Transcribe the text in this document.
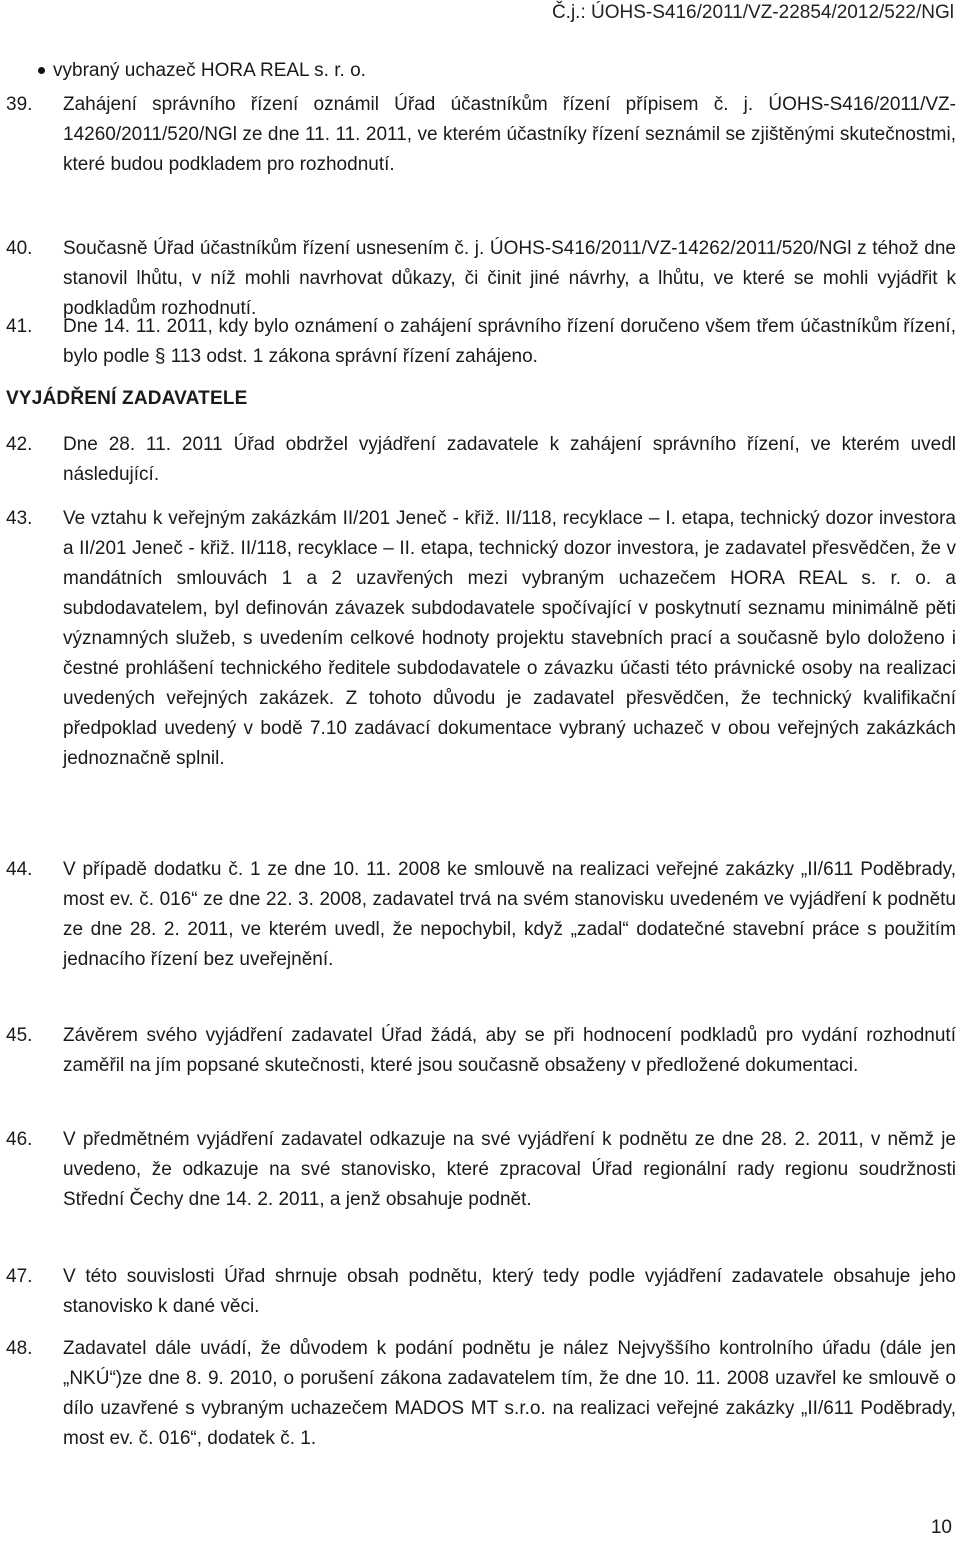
Č.j.: ÚOHS-S416/2011/VZ-22854/2012/522/NGl
vybraný uchazeč HORA REAL s. r. o.
39.	Zahájení správního řízení oznámil Úřad účastníkům řízení přípisem č. j. ÚOHS-S416/2011/VZ-14260/2011/520/NGl ze dne 11. 11. 2011, ve kterém účastníky řízení seznámil se zjištěnými skutečnostmi, které budou podkladem pro rozhodnutí.
40.	Současně Úřad účastníkům řízení usnesením č. j. ÚOHS-S416/2011/VZ-14262/2011/520/NGl z téhož dne stanovil lhůtu, v níž mohli navrhovat důkazy, či činit jiné návrhy, a lhůtu, ve které se mohli vyjádřit k podkladům rozhodnutí.
41.	Dne 14. 11. 2011, kdy bylo oznámení o zahájení správního řízení doručeno všem třem účastníkům řízení, bylo podle § 113 odst. 1 zákona správní řízení zahájeno.
VYJÁDŘENÍ ZADAVATELE
42.	Dne 28. 11. 2011 Úřad obdržel vyjádření zadavatele k zahájení správního řízení, ve kterém uvedl následující.
43.	Ve vztahu k veřejným zakázkám II/201 Jeneč - křiž. II/118, recyklace – I. etapa, technický dozor investora a II/201 Jeneč - křiž. II/118, recyklace – II. etapa, technický dozor investora, je zadavatel přesvědčen, že v mandátních smlouvách 1 a 2 uzavřených mezi vybraným uchazečem HORA REAL s. r. o. a subdodavatelem, byl definován závazek subdodavatele spočívající v poskytnutí seznamu minimálně pěti významných služeb, s uvedením celkové hodnoty projektu stavebních prací a současně bylo doloženo i čestné prohlášení technického ředitele subdodavatele o závazku účasti této právnické osoby na realizaci uvedených veřejných zakázek. Z tohoto důvodu je zadavatel přesvědčen, že technický kvalifikační předpoklad uvedený v bodě 7.10 zadávací dokumentace vybraný uchazeč v obou veřejných zakázkách jednoznačně splnil.
44.	V případě dodatku č. 1 ze dne 10. 11. 2008 ke smlouvě na realizaci veřejné zakázky „II/611 Poděbrady, most ev. č. 016“ ze dne 22. 3. 2008, zadavatel trvá na svém stanovisku uvedeném ve vyjádření k podnětu ze dne 28. 2. 2011, ve kterém uvedl, že nepochybil, když „zadal“ dodatečné stavební práce s použitím jednacího řízení bez uveřejnění.
45.	Závěrem svého vyjádření zadavatel Úřad žádá, aby se při hodnocení podkladů pro vydání rozhodnutí zaměřil na jím popsané skutečnosti, které jsou současně obsaženy v předložené dokumentaci.
46.	V předmětném vyjádření zadavatel odkazuje na své vyjádření k podnětu ze dne 28. 2. 2011, v němž je uvedeno, že odkazuje na své stanovisko, které zpracoval Úřad regionální rady regionu soudržnosti Střední Čechy dne 14. 2. 2011, a jenž obsahuje podnět.
47.	V této souvislosti Úřad shrnuje obsah podnětu, který tedy podle vyjádření zadavatele obsahuje jeho stanovisko k dané věci.
48.	Zadavatel dále uvádí, že důvodem k podání podnětu je nález Nejvyššího kontrolního úřadu (dále jen „NKÚ“)ze dne 8. 9. 2010, o porušení zákona zadavatelem tím, že dne 10. 11. 2008 uzavřel ke smlouvě o dílo uzavřené s vybraným uchazečem MADOS MT s.r.o. na realizaci veřejné zakázky „II/611 Poděbrady, most ev. č. 016“, dodatek č. 1.
10
